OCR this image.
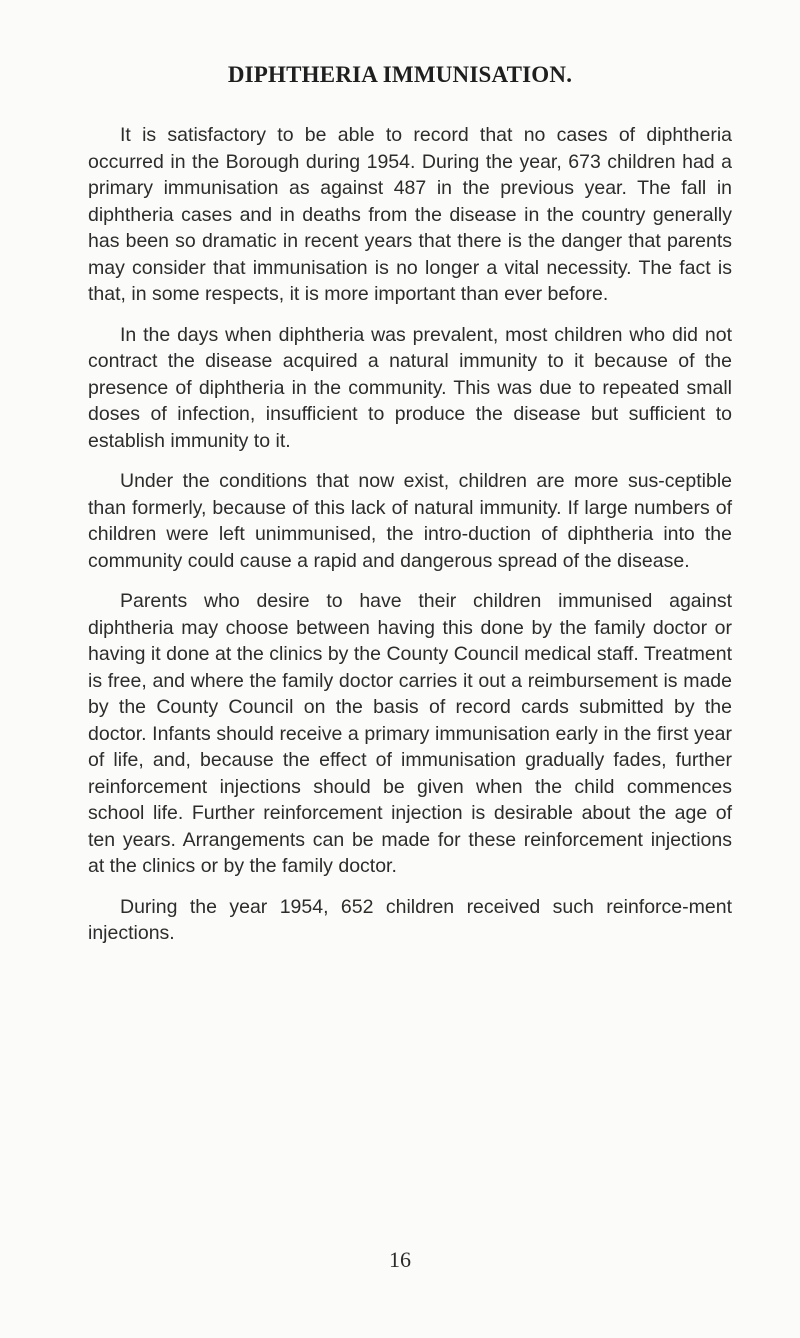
DIPHTHERIA IMMUNISATION.

It is satisfactory to be able to record that no cases of diphtheria occurred in the Borough during 1954. During the year, 673 children had a primary immunisation as against 487 in the previous year. The fall in diphtheria cases and in deaths from the disease in the country generally has been so dramatic in recent years that there is the danger that parents may consider that immunisation is no longer a vital necessity. The fact is that, in some respects, it is more important than ever before.

In the days when diphtheria was prevalent, most children who did not contract the disease acquired a natural immunity to it because of the presence of diphtheria in the community. This was due to repeated small doses of infection, insufficient to produce the disease but sufficient to establish immunity to it.

Under the conditions that now exist, children are more sus-ceptible than formerly, because of this lack of natural immunity. If large numbers of children were left unimmunised, the intro-duction of diphtheria into the community could cause a rapid and dangerous spread of the disease.

Parents who desire to have their children immunised against diphtheria may choose between having this done by the family doctor or having it done at the clinics by the County Council medical staff. Treatment is free, and where the family doctor carries it out a reimbursement is made by the County Council on the basis of record cards submitted by the doctor. Infants should receive a primary immunisation early in the first year of life, and, because the effect of immunisation gradually fades, further reinforcement injections should be given when the child commences school life. Further reinforcement injection is desirable about the age of ten years. Arrangements can be made for these reinforcement injections at the clinics or by the family doctor.

During the year 1954, 652 children received such reinforce-ment injections.

16
